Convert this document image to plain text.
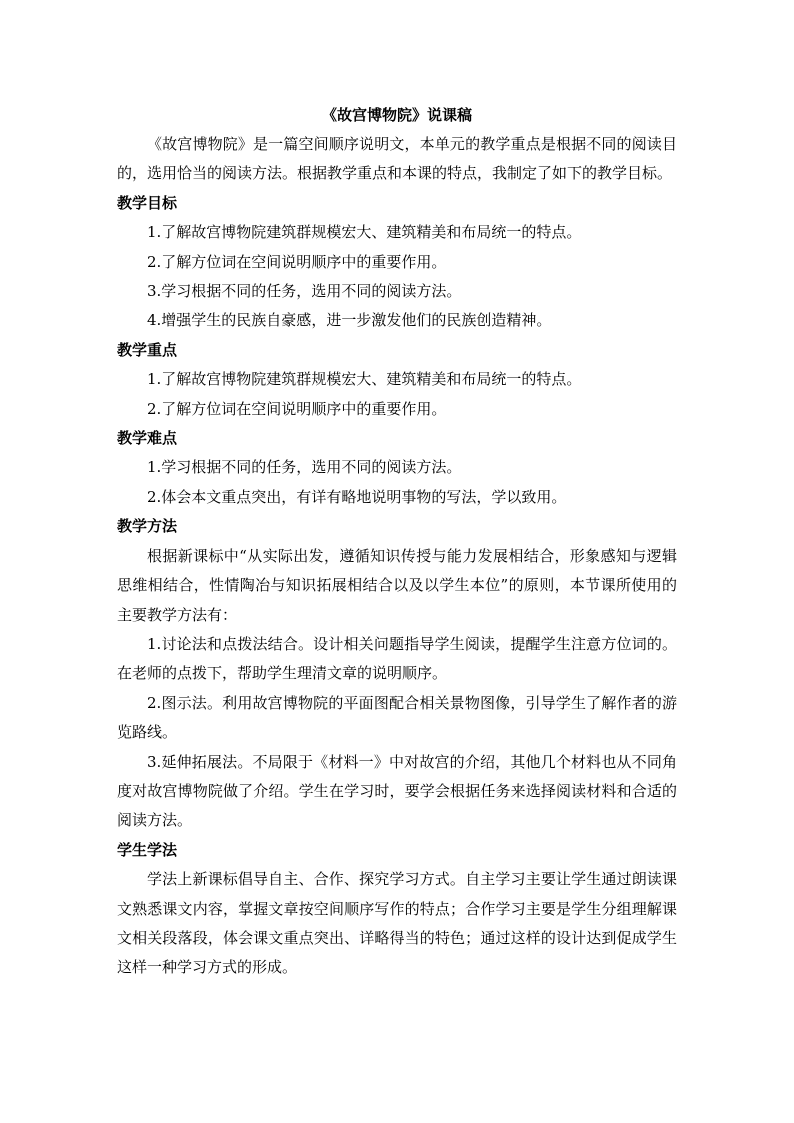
《故宫博物院》说课稿

《故宫博物院》是一篇空间顺序说明文，本单元的教学重点是根据不同的阅读目的，选用恰当的阅读方法。根据教学重点和本课的特点，我制定了如下的教学目标。

教学目标

1.了解故宫博物院建筑群规模宏大、建筑精美和布局统一的特点。

2.了解方位词在空间说明顺序中的重要作用。

3.学习根据不同的任务，选用不同的阅读方法。

4.增强学生的民族自豪感，进一步激发他们的民族创造精神。

教学重点

1.了解故宫博物院建筑群规模宏大、建筑精美和布局统一的特点。

2.了解方位词在空间说明顺序中的重要作用。

教学难点

1.学习根据不同的任务，选用不同的阅读方法。

2.体会本文重点突出，有详有略地说明事物的写法，学以致用。

教学方法

根据新课标中“从实际出发，遵循知识传授与能力发展相结合，形象感知与逻辑思维相结合，性情陶冶与知识拓展相结合以及以学生本位”的原则，本节课所使用的主要教学方法有：

1.讨论法和点拨法结合。设计相关问题指导学生阅读，提醒学生注意方位词的。在老师的点拨下，帮助学生理清文章的说明顺序。

2.图示法。利用故宫博物院的平面图配合相关景物图像，引导学生了解作者的游览路线。

3.延伸拓展法。不局限于《材料一》中对故宫的介绍，其他几个材料也从不同角度对故宫博物院做了介绍。学生在学习时，要学会根据任务来选择阅读材料和合适的阅读方法。

学生学法

学法上新课标倡导自主、合作、探究学习方式。自主学习主要让学生通过朗读课文熟悉课文内容，掌握文章按空间顺序写作的特点；合作学习主要是学生分组理解课文相关段落段，体会课文重点突出、详略得当的特色；通过这样的设计达到促成学生这样一种学习方式的形成。
